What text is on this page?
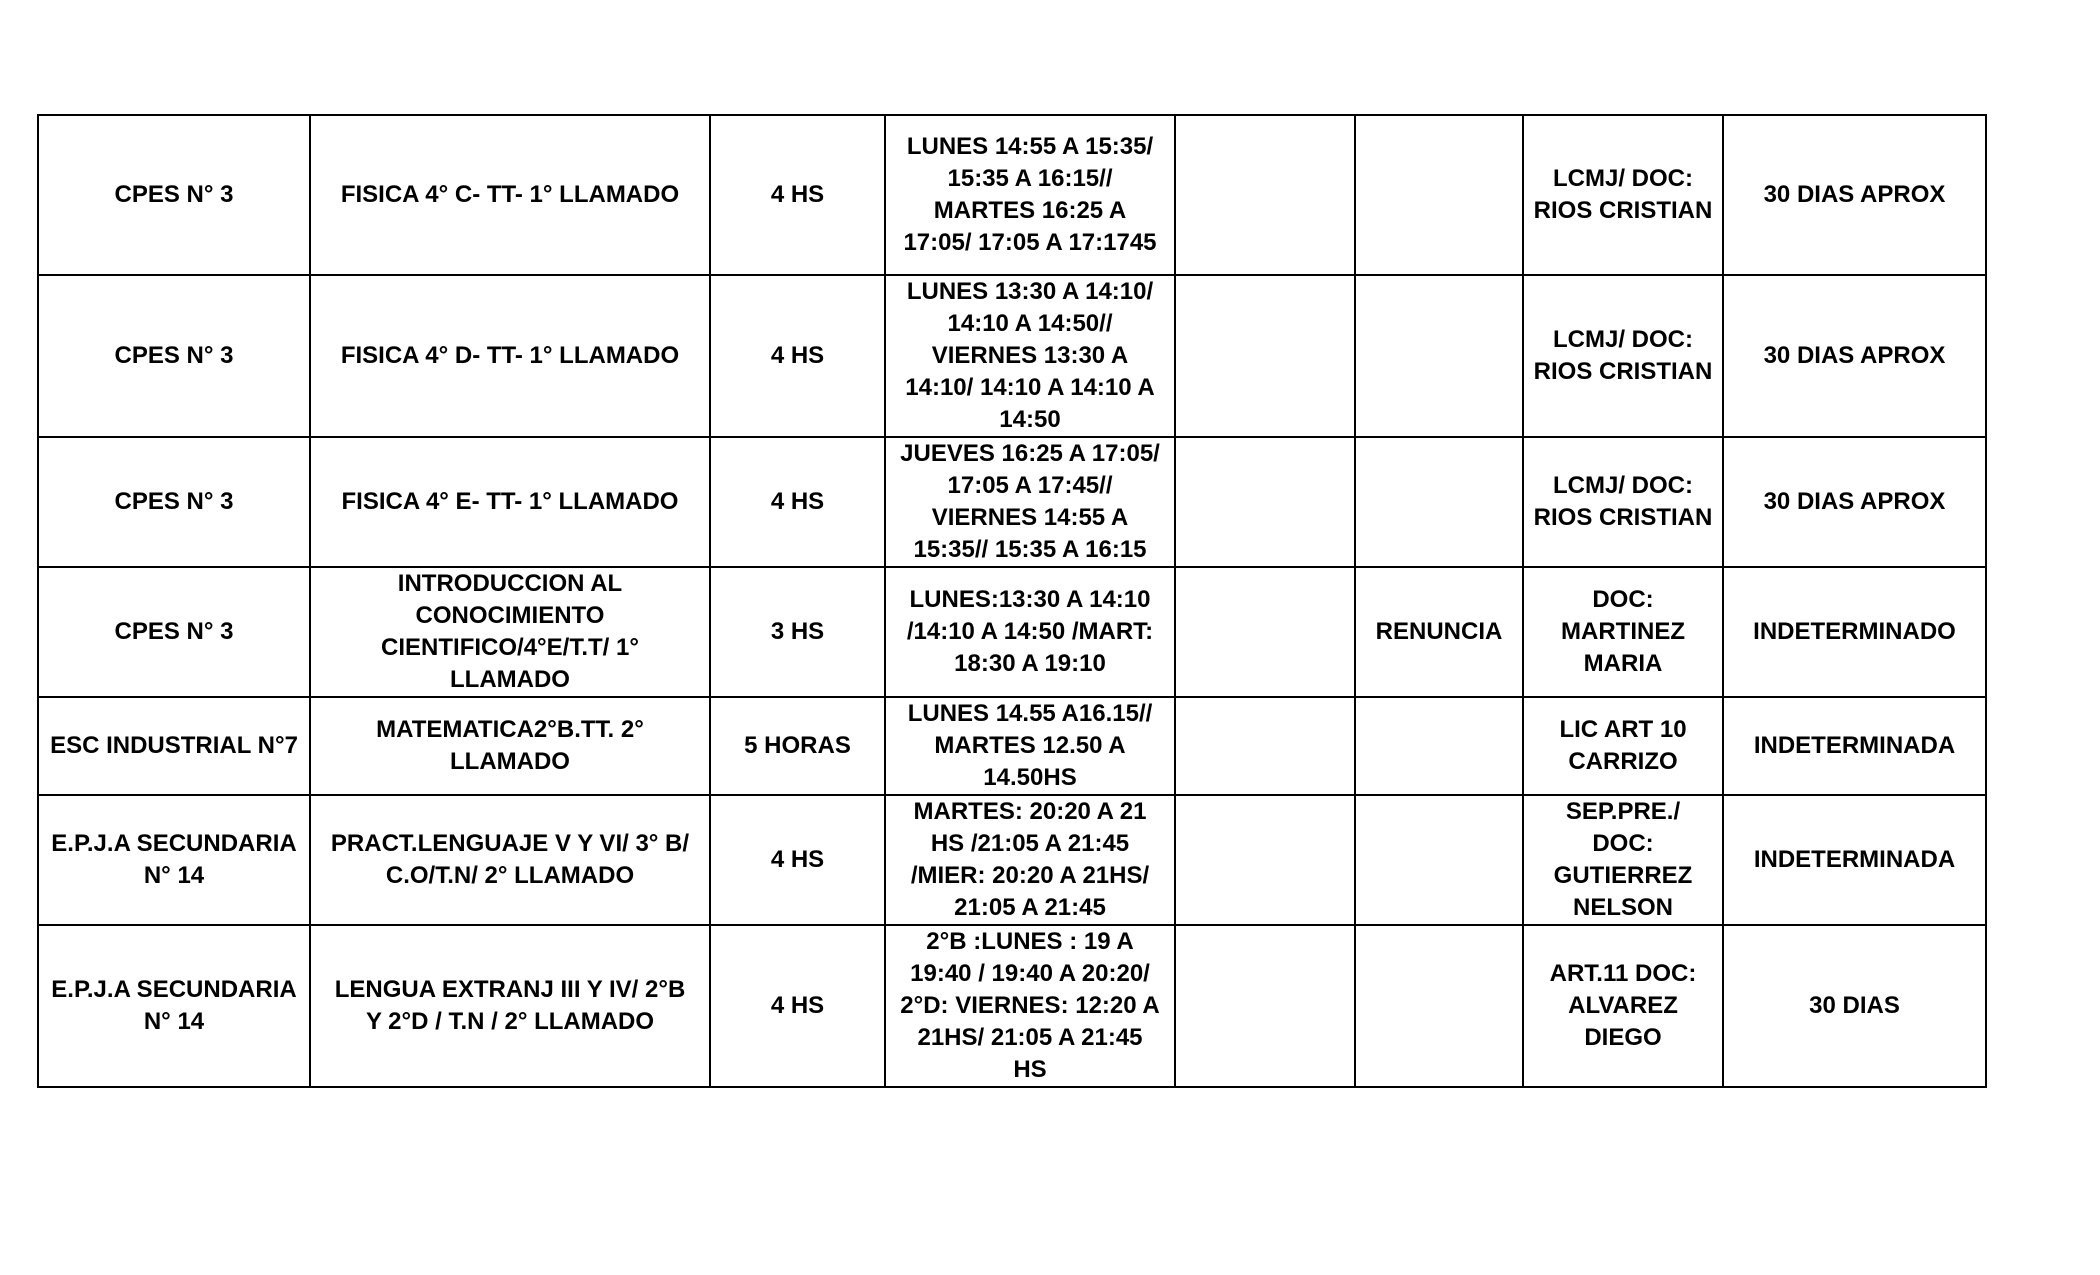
CPES N° 3	FISICA 4° C- TT- 1° LLAMADO	4 HS	LUNES 14:55 A 15:35/
15:35 A 16:15//
MARTES 16:25 A
17:05/ 17:05 A 17:1745			LCMJ/ DOC:
RIOS CRISTIAN	30 DIAS APROX
CPES N° 3	FISICA 4° D- TT- 1° LLAMADO	4 HS	LUNES 13:30 A 14:10/
14:10 A 14:50//
VIERNES 13:30 A
14:10/ 14:10 A 14:10 A
14:50			LCMJ/ DOC:
RIOS CRISTIAN	30 DIAS APROX
CPES N° 3	FISICA 4° E- TT- 1° LLAMADO	4 HS	JUEVES 16:25 A 17:05/
17:05 A 17:45//
VIERNES 14:55 A
15:35// 15:35 A 16:15			LCMJ/ DOC:
RIOS CRISTIAN	30 DIAS APROX
CPES N° 3	INTRODUCCION AL
CONOCIMIENTO
CIENTIFICO/4°E/T.T/ 1°
LLAMADO	3 HS	LUNES:13:30 A 14:10
/14:10 A 14:50 /MART:
18:30 A 19:10		RENUNCIA	DOC:
MARTINEZ
MARIA	INDETERMINADO
ESC INDUSTRIAL N°7	MATEMATICA2°B.TT. 2°
LLAMADO	5 HORAS	LUNES 14.55 A16.15//
MARTES 12.50 A
14.50HS			LIC ART 10
CARRIZO	INDETERMINADA
E.P.J.A SECUNDARIA
N° 14	PRACT.LENGUAJE V Y VI/ 3° B/
C.O/T.N/ 2° LLAMADO	4 HS	MARTES: 20:20 A 21
HS /21:05 A 21:45
/MIER: 20:20 A 21HS/
21:05 A 21:45			SEP.PRE./
DOC:
GUTIERREZ
NELSON	INDETERMINADA
E.P.J.A SECUNDARIA
N° 14	LENGUA EXTRANJ III Y IV/ 2°B
Y 2°D / T.N / 2° LLAMADO	4 HS	2°B :LUNES : 19 A
19:40 / 19:40 A 20:20/
2°D: VIERNES: 12:20 A
21HS/ 21:05 A 21:45
HS			ART.11 DOC:
ALVAREZ
DIEGO	30 DIAS
